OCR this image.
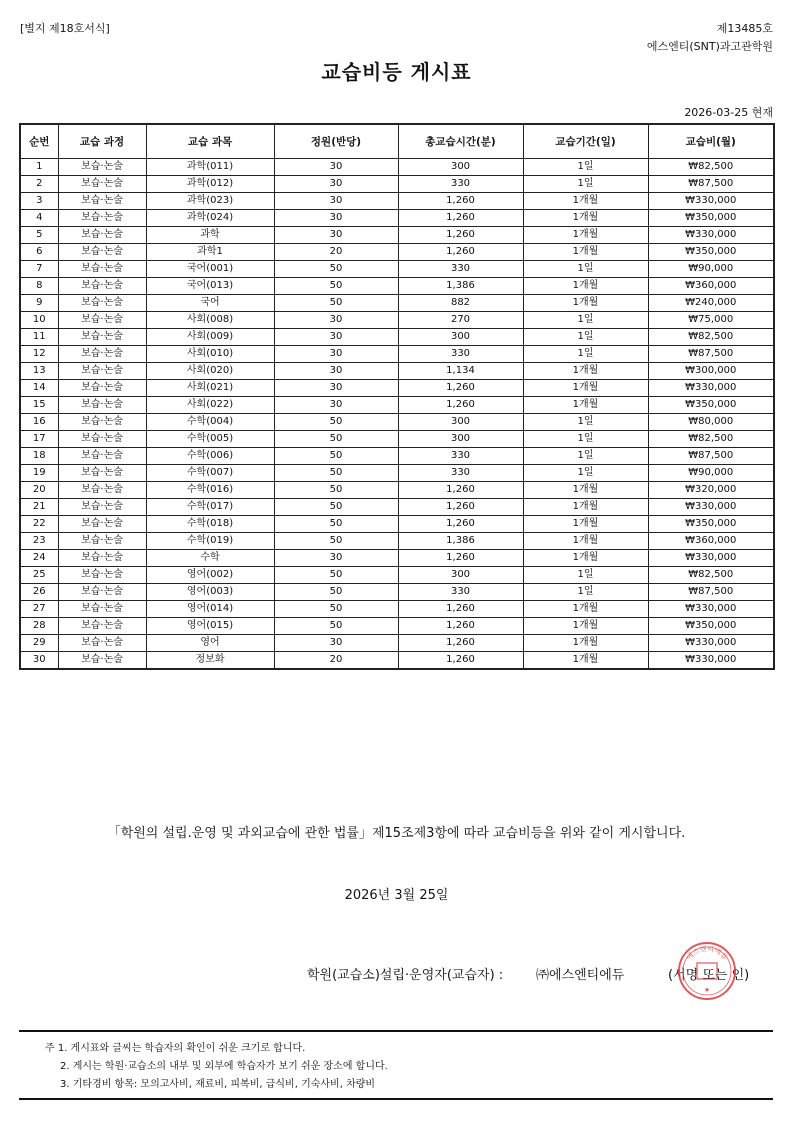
[별지 제18호서식]	제13485호
에스엔티(SNT)과고관학원
교습비등 게시표
2026-03-25 현재
순번	교습 과정	교습 과목	정원(반당)	총교습시간(분)	교습기간(일)	교습비(월)
1	보습·논술	과학(011)	30	300	1일	₩82,500
2	보습·논술	과학(012)	30	330	1일	₩87,500
3	보습·논술	과학(023)	30	1,260	1개월	₩330,000
4	보습·논술	과학(024)	30	1,260	1개월	₩350,000
5	보습·논술	과학	30	1,260	1개월	₩330,000
6	보습·논술	과학1	20	1,260	1개월	₩350,000
7	보습·논술	국어(001)	50	330	1일	₩90,000
8	보습·논술	국어(013)	50	1,386	1개월	₩360,000
9	보습·논술	국어	50	882	1개월	₩240,000
10	보습·논술	사회(008)	30	270	1일	₩75,000
11	보습·논술	사회(009)	30	300	1일	₩82,500
12	보습·논술	사회(010)	30	330	1일	₩87,500
13	보습·논술	사회(020)	30	1,134	1개월	₩300,000
14	보습·논술	사회(021)	30	1,260	1개월	₩330,000
15	보습·논술	사회(022)	30	1,260	1개월	₩350,000
16	보습·논술	수학(004)	50	300	1일	₩80,000
17	보습·논술	수학(005)	50	300	1일	₩82,500
18	보습·논술	수학(006)	50	330	1일	₩87,500
19	보습·논술	수학(007)	50	330	1일	₩90,000
20	보습·논술	수학(016)	50	1,260	1개월	₩320,000
21	보습·논술	수학(017)	50	1,260	1개월	₩330,000
22	보습·논술	수학(018)	50	1,260	1개월	₩350,000
23	보습·논술	수학(019)	50	1,386	1개월	₩360,000
24	보습·논술	수학	30	1,260	1개월	₩330,000
25	보습·논술	영어(002)	50	300	1일	₩82,500
26	보습·논술	영어(003)	50	330	1일	₩87,500
27	보습·논술	영어(014)	50	1,260	1개월	₩330,000
28	보습·논술	영어(015)	50	1,260	1개월	₩350,000
29	보습·논술	영어	30	1,260	1개월	₩330,000
30	보습·논술	정보화	20	1,260	1개월	₩330,000
「학원의 설립.운영 및 과외교습에 관한 법률」제15조제3항에 따라 교습비등을 위와 같이 게시합니다.
2026년 3월 25일
학원(교습소)설립·운영자(교습자) :	㈜에스엔티에듀	(서명 또는 인)
에스엔티에듀
★
주 1. 게시표와 글씨는 학습자의 확인이 쉬운 크기로 합니다.
2. 게시는 학원·교습소의 내부 및 외부에 학습자가 보기 쉬운 장소에 합니다.
3. 기타경비 항목: 모의고사비, 재료비, 피복비, 급식비, 기숙사비, 차량비
